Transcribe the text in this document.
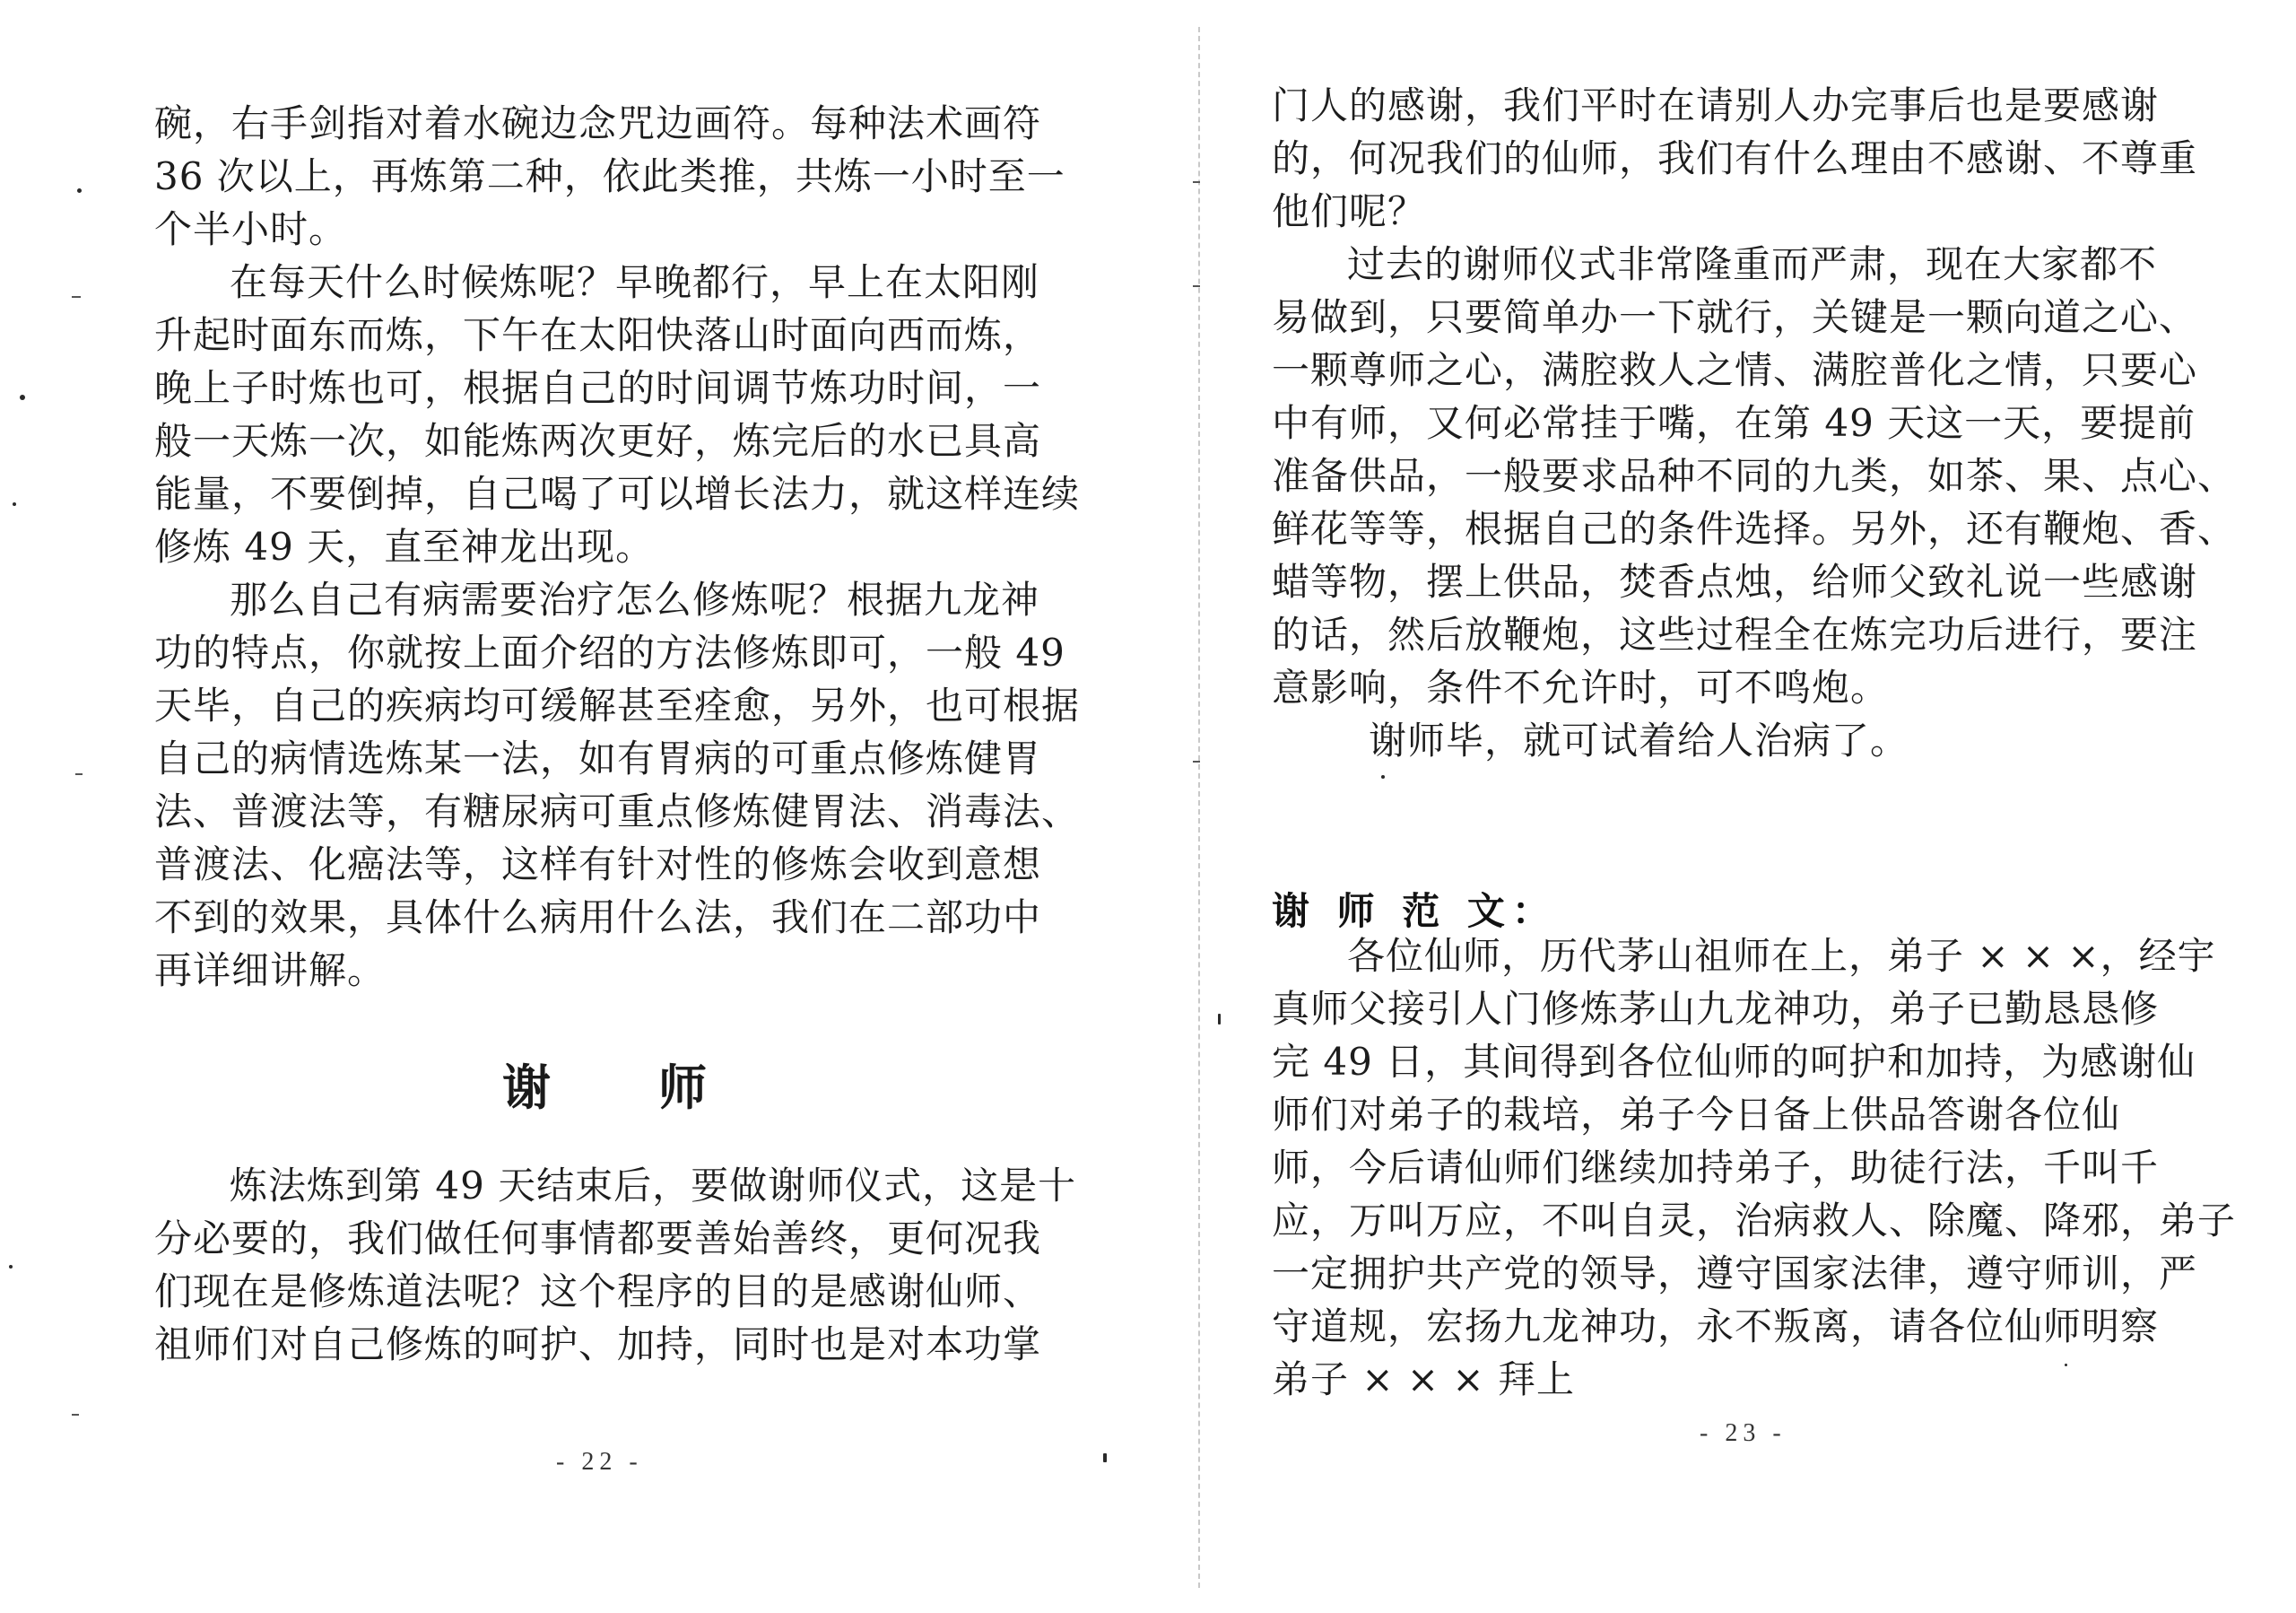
碗，右手剑指对着水碗边念咒边画符。每种法术画符
36 次以上，再炼第二种，依此类推，共炼一小时至一
个半小时。
在每天什么时候炼呢？早晚都行，早上在太阳刚
升起时面东而炼，下午在太阳快落山时面向西而炼，
晚上子时炼也可，根据自己的时间调节炼功时间，一
般一天炼一次，如能炼两次更好，炼完后的水已具高
能量，不要倒掉，自己喝了可以增长法力，就这样连续
修炼 49 天，直至神龙出现。
那么自己有病需要治疗怎么修炼呢？根据九龙神
功的特点，你就按上面介绍的方法修炼即可，一般 49
天毕，自己的疾病均可缓解甚至痊愈，另外，也可根据
自己的病情选炼某一法，如有胃病的可重点修炼健胃
法、普渡法等，有糖尿病可重点修炼健胃法、消毒法、
普渡法、化癌法等，这样有针对性的修炼会收到意想
不到的效果，具体什么病用什么法，我们在二部功中
再详细讲解。
谢师
炼法炼到第 49 天结束后，要做谢师仪式，这是十
分必要的，我们做任何事情都要善始善终，更何况我
们现在是修炼道法呢？这个程序的目的是感谢仙师、
祖师们对自己修炼的呵护、加持，同时也是对本功掌
- 22 -
门人的感谢，我们平时在请别人办完事后也是要感谢
的，何况我们的仙师，我们有什么理由不感谢、不尊重
他们呢？
过去的谢师仪式非常隆重而严肃，现在大家都不
易做到，只要简单办一下就行，关键是一颗向道之心、
一颗尊师之心，满腔救人之情、满腔普化之情，只要心
中有师，又何必常挂于嘴，在第 49 天这一天，要提前
准备供品，一般要求品种不同的九类，如茶、果、点心、
鲜花等等，根据自己的条件选择。另外，还有鞭炮、香、
蜡等物，摆上供品，焚香点烛，给师父致礼说一些感谢
的话，然后放鞭炮，这些过程全在炼完功后进行，要注
意影响，条件不允许时，可不鸣炮。
谢师毕，就可试着给人治病了。
谢 师 范 文：
各位仙师，历代茅山祖师在上，弟子 × × ×，经宇
真师父接引人门修炼茅山九龙神功，弟子已勤恳恳修
完 49 日，其间得到各位仙师的呵护和加持，为感谢仙
师们对弟子的栽培，弟子今日备上供品答谢各位仙
师，今后请仙师们继续加持弟子，助徒行法，千叫千
应，万叫万应，不叫自灵，治病救人、除魔、降邪，弟子
一定拥护共产党的领导，遵守国家法律，遵守师训，严
守道规，宏扬九龙神功，永不叛离，请各位仙师明察
弟子 × × × 拜上
- 23 -
